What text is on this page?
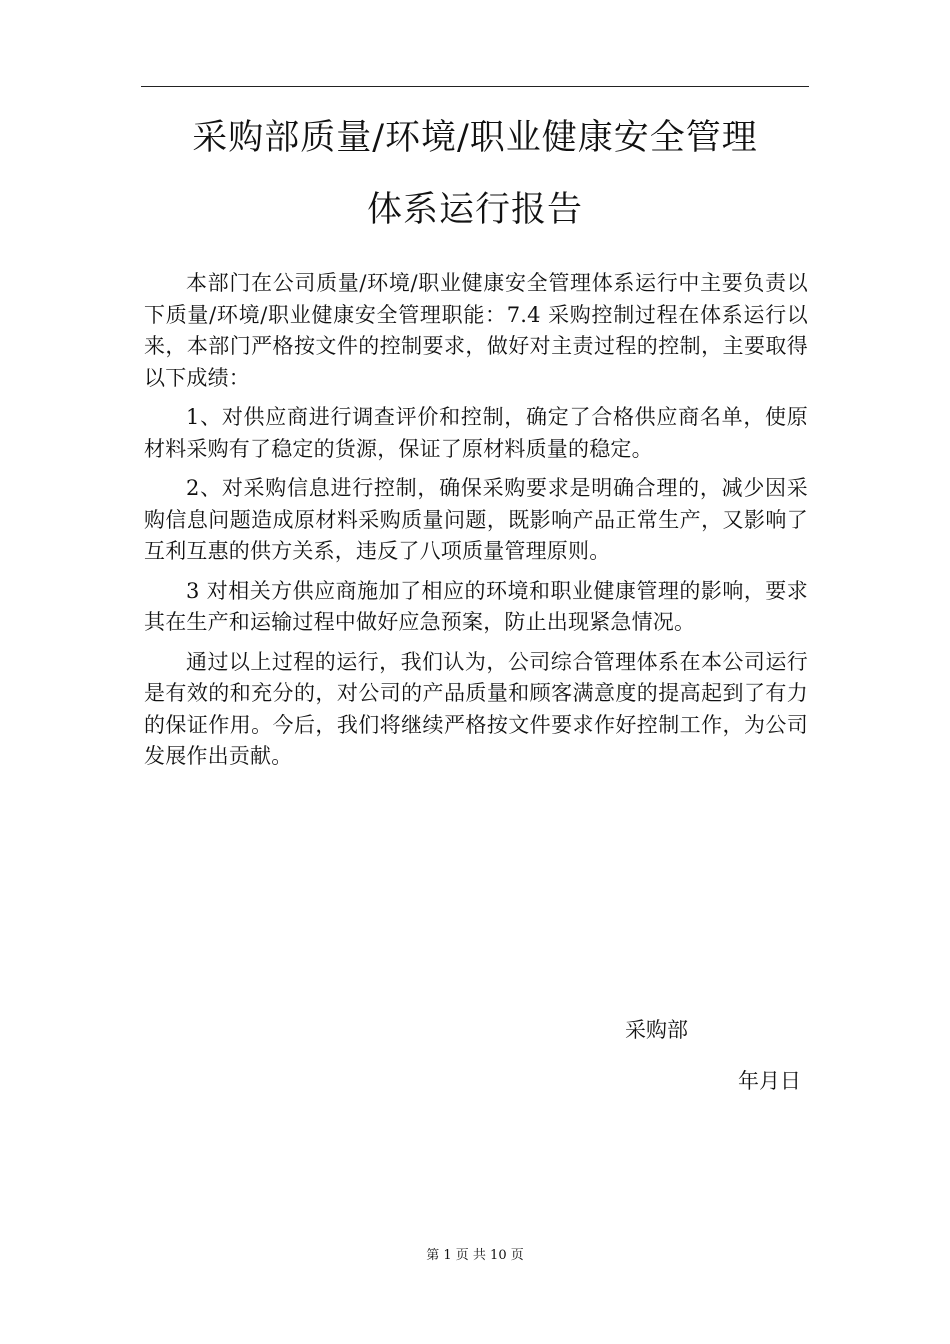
采购部质量/环境/职业健康安全管理
体系运行报告

本部门在公司质量/环境/职业健康安全管理体系运行中主要负责以下质量/环境/职业健康安全管理职能：7.4 采购控制过程在体系运行以来，本部门严格按文件的控制要求，做好对主责过程的控制，主要取得以下成绩：

1、对供应商进行调查评价和控制，确定了合格供应商名单，使原材料采购有了稳定的货源，保证了原材料质量的稳定。

2、对采购信息进行控制，确保采购要求是明确合理的，减少因采购信息问题造成原材料采购质量问题，既影响产品正常生产，又影响了互利互惠的供方关系，违反了八项质量管理原则。

3 对相关方供应商施加了相应的环境和职业健康管理的影响，要求其在生产和运输过程中做好应急预案，防止出现紧急情况。

通过以上过程的运行，我们认为，公司综合管理体系在本公司运行是有效的和充分的，对公司的产品质量和顾客满意度的提高起到了有力的保证作用。今后，我们将继续严格按文件要求作好控制工作，为公司发展作出贡献。

采购部
年月日
第 1 页 共 10 页
